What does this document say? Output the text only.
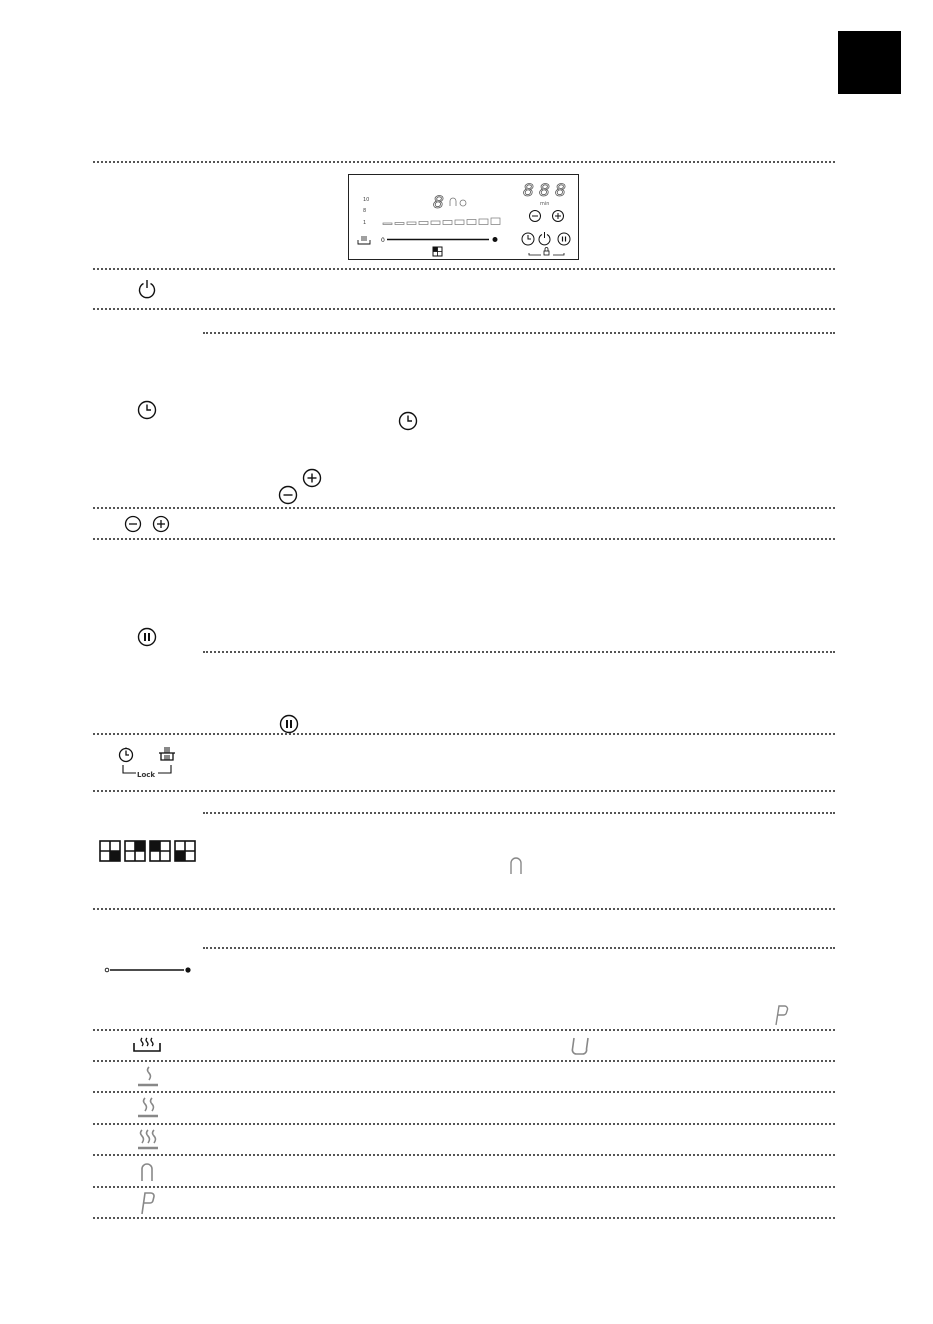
10
8
1
8
8 8 8
min
0
Lock
